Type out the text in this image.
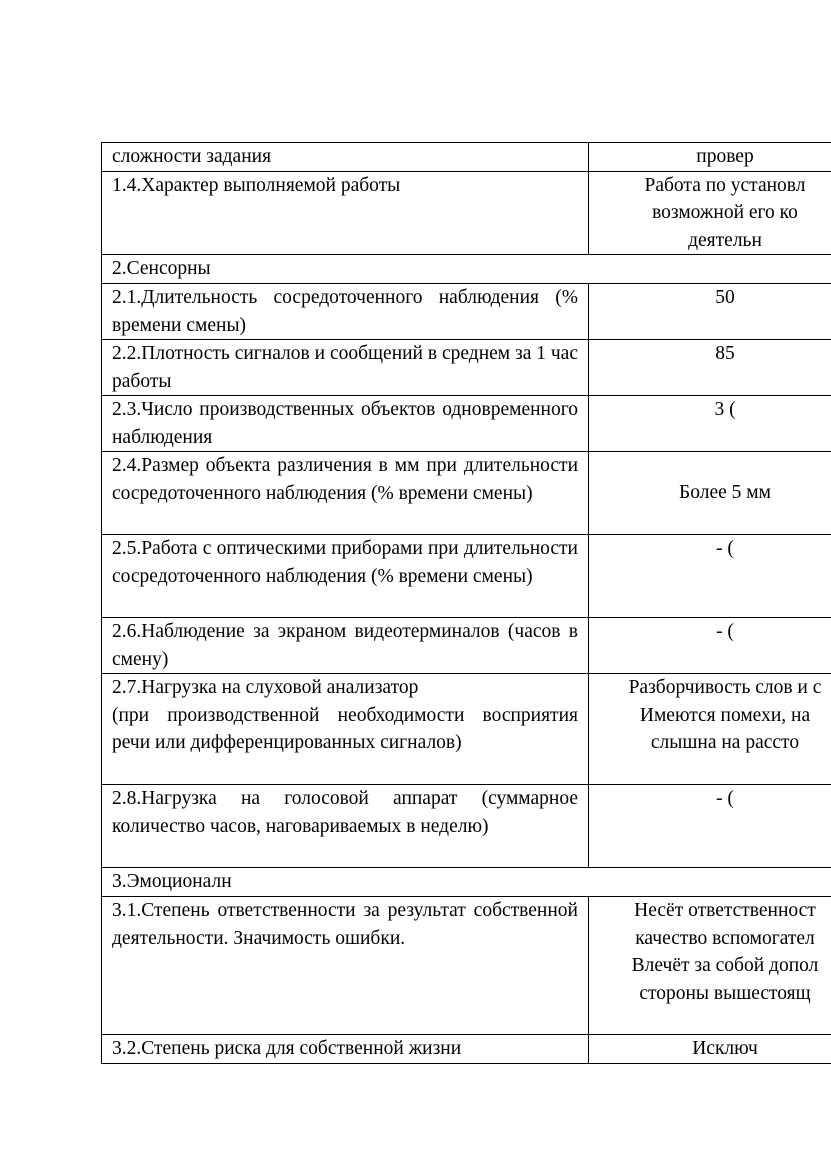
сложности задания	провер

1.4.Характер выполняемой работы	Работа по установл
возможной его ко
деятельн

2.Сенсорны	

2.1.Длительность сосредоточенного наблюдения (% времени смены)	50

2.2.Плотность сигналов и сообщений в среднем за 1 час работы	85

2.3.Число производственных объектов одновременного наблюдения	3 (

2.4.Размер объекта различения в мм при длительности сосредоточенного наблюдения (% времени смены)	Более 5 мм

2.5.Работа с оптическими приборами при длительности сосредоточенного наблюдения (% времени смены)	- (

2.6.Наблюдение за экраном видеотерминалов (часов в смену)	- (

2.7.Нагрузка на слуховой анализатор
(при производственной необходимости восприятия речи или дифференцированных сигналов)	Разборчивость слов и с
Имеются помехи, на
слышна на рассто

2.8.Нагрузка на голосовой аппарат (суммарное количество часов, наговариваемых в неделю)	- (

3.Эмоционалн	

3.1.Степень ответственности за результат собственной деятельности. Значимость ошибки.	Несёт ответственност
качество вспомогател
Влечёт за собой допол
стороны вышестоящ

3.2.Степень риска для собственной жизни	Исключ
